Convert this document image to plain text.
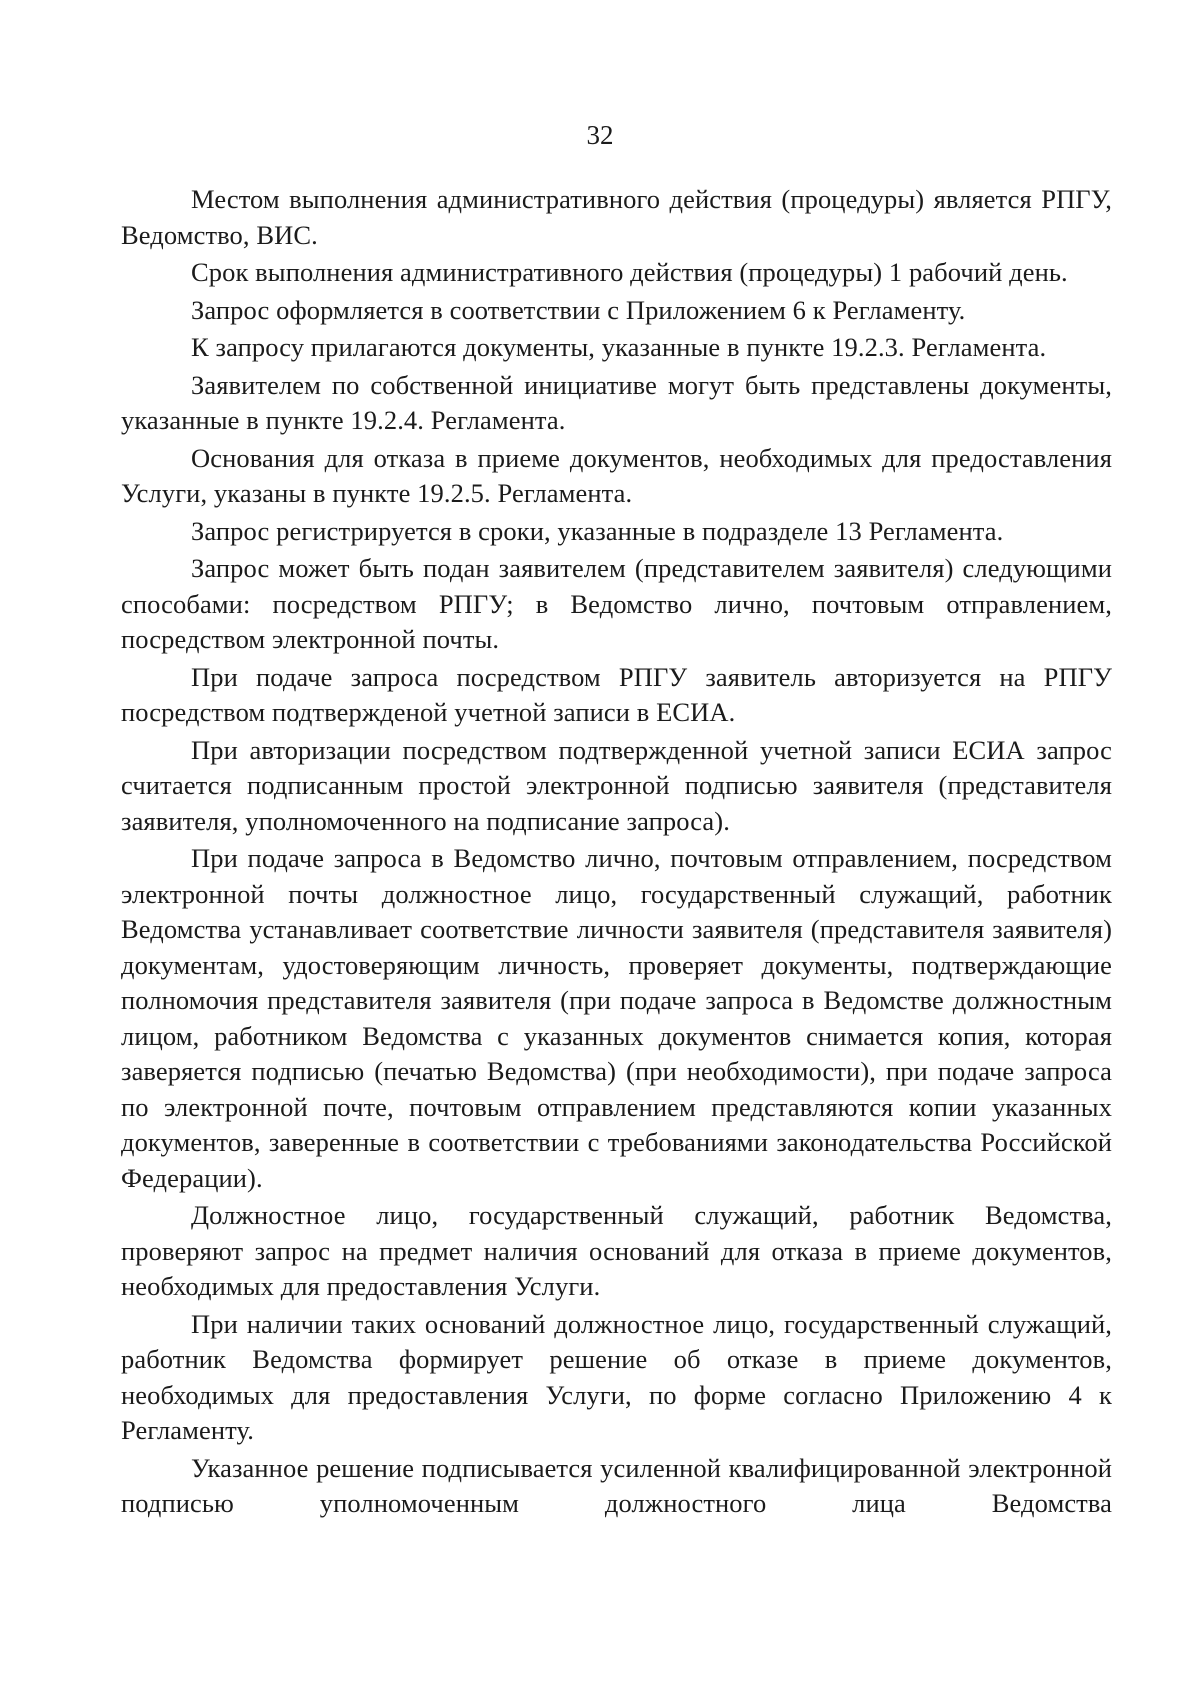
32

Местом выполнения административного действия (процедуры) является РПГУ, Ведомство, ВИС.

Срок выполнения административного действия (процедуры) 1 рабочий день.

Запрос оформляется в соответствии с Приложением 6 к Регламенту.

К запросу прилагаются документы, указанные в пункте 19.2.3. Регламента.

Заявителем по собственной инициативе могут быть представлены документы, указанные в пункте 19.2.4. Регламента.

Основания для отказа в приеме документов, необходимых для предоставления Услуги, указаны в пункте 19.2.5. Регламента.

Запрос регистрируется в сроки, указанные в подразделе 13 Регламента.

Запрос может быть подан заявителем (представителем заявителя) следующими способами: посредством РПГУ; в Ведомство лично, почтовым отправлением, посредством электронной почты.

При подаче запроса посредством РПГУ заявитель авторизуется на РПГУ посредством подтвержденой учетной записи в ЕСИА.

При авторизации посредством подтвержденной учетной записи ЕСИА запрос считается подписанным простой электронной подписью заявителя (представителя заявителя, уполномоченного на подписание запроса).

При подаче запроса в Ведомство лично, почтовым отправлением, посредством электронной почты должностное лицо, государственный служащий, работник Ведомства устанавливает соответствие личности заявителя (представителя заявителя) документам, удостоверяющим личность, проверяет документы, подтверждающие полномочия представителя заявителя (при подаче запроса в Ведомстве должностным лицом, работником Ведомства с указанных документов снимается копия, которая заверяется подписью (печатью Ведомства) (при необходимости), при подаче запроса по электронной почте, почтовым отправлением представляются копии указанных документов, заверенные в соответствии с требованиями законодательства Российской Федерации).

Должностное лицо, государственный служащий, работник Ведомства, проверяют запрос на предмет наличия оснований для отказа в приеме документов, необходимых для предоставления Услуги.

При наличии таких оснований должностное лицо, государственный служащий, работник Ведомства формирует решение об отказе в приеме документов, необходимых для предоставления Услуги, по форме согласно Приложению 4 к Регламенту.

Указанное решение подписывается усиленной квалифицированной электронной подписью уполномоченным должностного лица Ведомства
